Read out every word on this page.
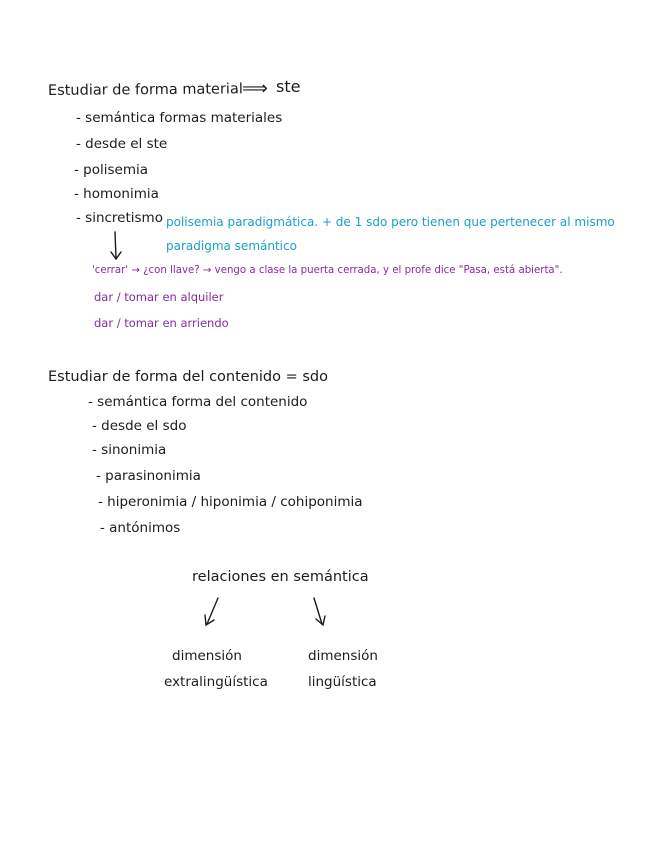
Estudiar de forma material ⟹ ste
- semántica formas materiales
- desde el ste
- polisemia
- homonimia
- sincretismo polisemia paradigmática. + de 1 sdo pero tienen que pertenecer al mismo
paradigma semántico
'cerrar' → ¿con llave? → vengo a clase la puerta cerrada, y el profe dice "Pasa, está abierta".
dar / tomar en alquiler
dar / tomar en arriendo
Estudiar de forma del contenido = sdo
- semántica forma del contenido
- desde el sdo
- sinonimia
- parasinonimia
- hiperonimia / hiponimia / cohiponimia
- antónimos
relaciones en semántica
dimensión
extralingüística
dimensión
lingüística
